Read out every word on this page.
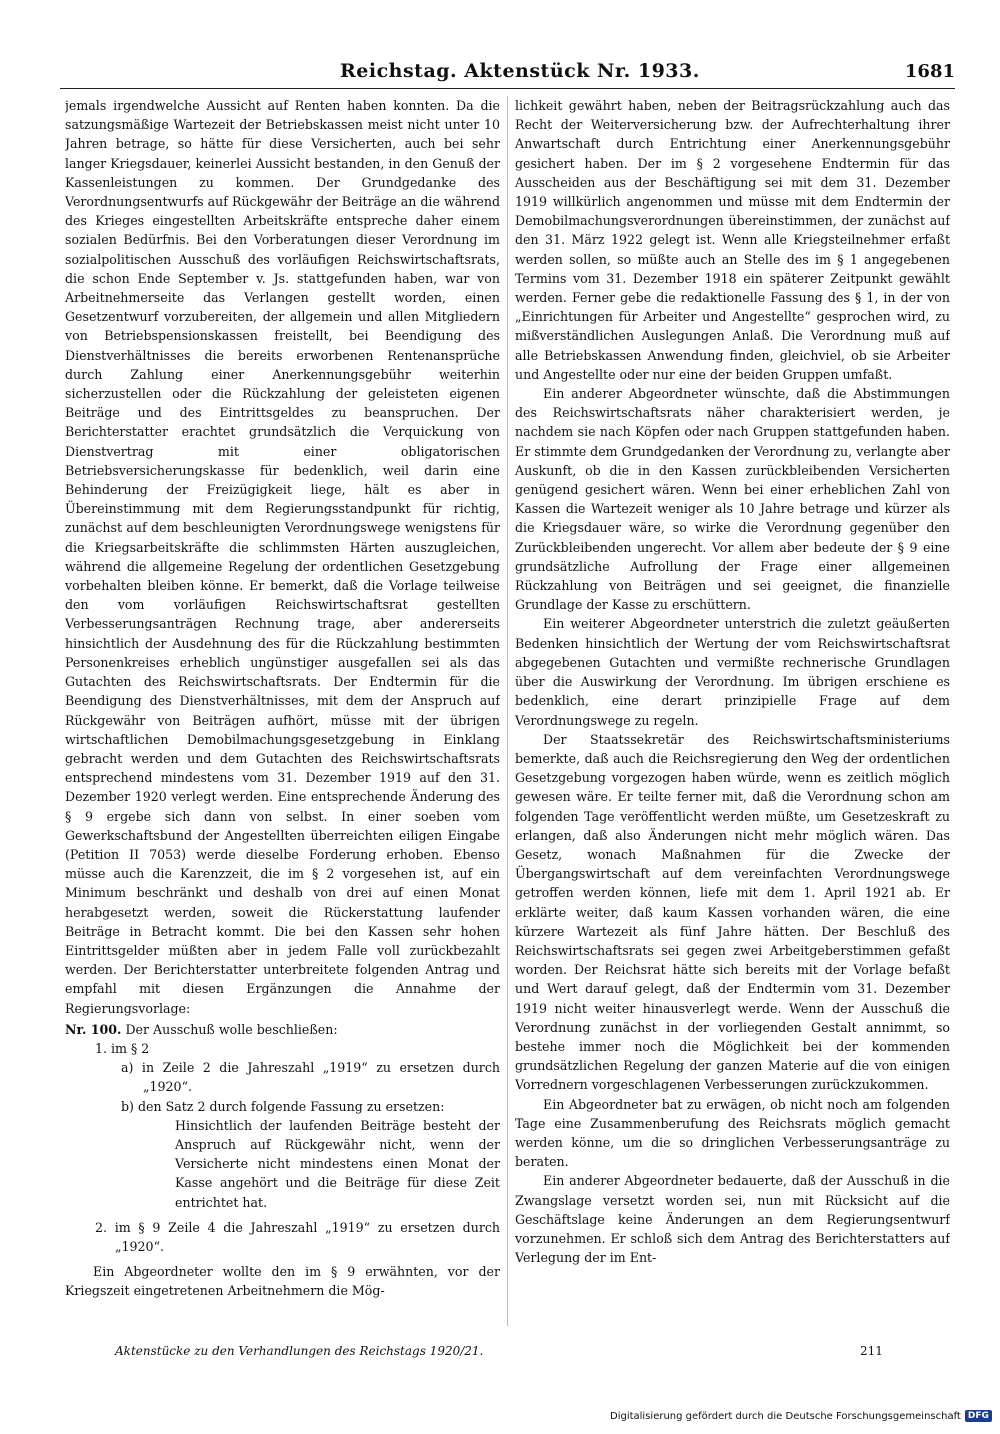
Reichstag. Aktenstück Nr. 1933.	1681

jemals irgendwelche Aussicht auf Renten haben konnten. Da die satzungsmäßige Wartezeit der Betriebskassen meist nicht unter 10 Jahren betrage, so hätte für diese Versicherten, auch bei sehr langer Kriegsdauer, keinerlei Aussicht bestanden, in den Genuß der Kassenleistungen zu kommen. Der Grundgedanke des Verordnungsentwurfs auf Rückgewähr der Beiträge an die während des Krieges eingestellten Arbeitskräfte entspreche daher einem sozialen Bedürfnis. Bei den Vorberatungen dieser Verordnung im sozialpolitischen Ausschuß des vorläufigen Reichswirtschaftsrats, die schon Ende September v. Js. stattgefunden haben, war von Arbeitnehmerseite das Verlangen gestellt worden, einen Gesetzentwurf vorzubereiten, der allgemein und allen Mitgliedern von Betriebspensionskassen freistellt, bei Beendigung des Dienstverhältnisses die bereits erworbenen Rentenansprüche durch Zahlung einer Anerkennungsgebühr weiterhin sicherzustellen oder die Rückzahlung der geleisteten eigenen Beiträge und des Eintrittsgeldes zu beanspruchen. Der Berichterstatter erachtet grundsätzlich die Verquickung von Dienstvertrag mit einer obligatorischen Betriebsversicherungskasse für bedenklich, weil darin eine Behinderung der Freizügigkeit liege, hält es aber in Übereinstimmung mit dem Regierungsstandpunkt für richtig, zunächst auf dem beschleunigten Verordnungswege wenigstens für die Kriegsarbeitskräfte die schlimmsten Härten auszugleichen, während die allgemeine Regelung der ordentlichen Gesetzgebung vorbehalten bleiben könne. Er bemerkt, daß die Vorlage teilweise den vom vorläufigen Reichswirtschaftsrat gestellten Verbesserungsanträgen Rechnung trage, aber andererseits hinsichtlich der Ausdehnung des für die Rückzahlung bestimmten Personenkreises erheblich ungünstiger ausgefallen sei als das Gutachten des Reichswirtschaftsrats. Der Endtermin für die Beendigung des Dienstverhältnisses, mit dem der Anspruch auf Rückgewähr von Beiträgen aufhört, müsse mit der übrigen wirtschaftlichen Demobilmachungsgesetzgebung in Einklang gebracht werden und dem Gutachten des Reichswirtschaftsrats entsprechend mindestens vom 31. Dezember 1919 auf den 31. Dezember 1920 verlegt werden. Eine entsprechende Änderung des § 9 ergebe sich dann von selbst. In einer soeben vom Gewerkschaftsbund der Angestellten überreichten eiligen Eingabe (Petition II 7053) werde dieselbe Forderung erhoben. Ebenso müsse auch die Karenzzeit, die im § 2 vorgesehen ist, auf ein Minimum beschränkt und deshalb von drei auf einen Monat herabgesetzt werden, soweit die Rückerstattung laufender Beiträge in Betracht kommt. Die bei den Kassen sehr hohen Eintrittsgelder müßten aber in jedem Falle voll zurückbezahlt werden. Der Berichterstatter unterbreitete folgenden Antrag und empfahl mit diesen Ergänzungen die Annahme der Regierungsvorlage:

Nr. 100. Der Ausschuß wolle beschließen:

1. im § 2

a) in Zeile 2 die Jahreszahl „1919“ zu ersetzen durch „1920“.

b) den Satz 2 durch folgende Fassung zu ersetzen:

Hinsichtlich der laufenden Beiträge besteht der Anspruch auf Rückgewähr nicht, wenn der Versicherte nicht mindestens einen Monat der Kasse angehört und die Beiträge für diese Zeit entrichtet hat.

2. im § 9 Zeile 4 die Jahreszahl „1919“ zu ersetzen durch „1920“.

Ein Abgeordneter wollte den im § 9 erwähnten, vor der Kriegszeit eingetretenen Arbeitnehmern die Mög-

lichkeit gewährt haben, neben der Beitragsrückzahlung auch das Recht der Weiterversicherung bzw. der Aufrechterhaltung ihrer Anwartschaft durch Entrichtung einer Anerkennungsgebühr gesichert haben. Der im § 2 vorgesehene Endtermin für das Ausscheiden aus der Beschäftigung sei mit dem 31. Dezember 1919 willkürlich angenommen und müsse mit dem Endtermin der Demobilmachungsverordnungen übereinstimmen, der zunächst auf den 31. März 1922 gelegt ist. Wenn alle Kriegsteilnehmer erfaßt werden sollen, so müßte auch an Stelle des im § 1 angegebenen Termins vom 31. Dezember 1918 ein späterer Zeitpunkt gewählt werden. Ferner gebe die redaktionelle Fassung des § 1, in der von „Einrichtungen für Arbeiter und Angestellte“ gesprochen wird, zu mißverständlichen Auslegungen Anlaß. Die Verordnung muß auf alle Betriebskassen Anwendung finden, gleichviel, ob sie Arbeiter und Angestellte oder nur eine der beiden Gruppen umfaßt.

Ein anderer Abgeordneter wünschte, daß die Abstimmungen des Reichswirtschaftsrats näher charakterisiert werden, je nachdem sie nach Köpfen oder nach Gruppen stattgefunden haben. Er stimmte dem Grundgedanken der Verordnung zu, verlangte aber Auskunft, ob die in den Kassen zurückbleibenden Versicherten genügend gesichert wären. Wenn bei einer erheblichen Zahl von Kassen die Wartezeit weniger als 10 Jahre betrage und kürzer als die Kriegsdauer wäre, so wirke die Verordnung gegenüber den Zurückbleibenden ungerecht. Vor allem aber bedeute der § 9 eine grundsätzliche Aufrollung der Frage einer allgemeinen Rückzahlung von Beiträgen und sei geeignet, die finanzielle Grundlage der Kasse zu erschüttern.

Ein weiterer Abgeordneter unterstrich die zuletzt geäußerten Bedenken hinsichtlich der Wertung der vom Reichswirtschaftsrat abgegebenen Gutachten und vermißte rechnerische Grundlagen über die Auswirkung der Verordnung. Im übrigen erschiene es bedenklich, eine derart prinzipielle Frage auf dem Verordnungswege zu regeln.

Der Staatssekretär des Reichswirtschaftsministeriums bemerkte, daß auch die Reichsregierung den Weg der ordentlichen Gesetzgebung vorgezogen haben würde, wenn es zeitlich möglich gewesen wäre. Er teilte ferner mit, daß die Verordnung schon am folgenden Tage veröffentlicht werden müßte, um Gesetzeskraft zu erlangen, daß also Änderungen nicht mehr möglich wären. Das Gesetz, wonach Maßnahmen für die Zwecke der Übergangswirtschaft auf dem vereinfachten Verordnungswege getroffen werden können, liefe mit dem 1. April 1921 ab. Er erklärte weiter, daß kaum Kassen vorhanden wären, die eine kürzere Wartezeit als fünf Jahre hätten. Der Beschluß des Reichswirtschaftsrats sei gegen zwei Arbeitgeberstimmen gefaßt worden. Der Reichsrat hätte sich bereits mit der Vorlage befaßt und Wert darauf gelegt, daß der Endtermin vom 31. Dezember 1919 nicht weiter hinausverlegt werde. Wenn der Ausschuß die Verordnung zunächst in der vorliegenden Gestalt annimmt, so bestehe immer noch die Möglichkeit bei der kommenden grundsätzlichen Regelung der ganzen Materie auf die von einigen Vorrednern vorgeschlagenen Verbesserungen zurückzukommen.

Ein Abgeordneter bat zu erwägen, ob nicht noch am folgenden Tage eine Zusammenberufung des Reichsrats möglich gemacht werden könne, um die so dringlichen Verbesserungsanträge zu beraten.

Ein anderer Abgeordneter bedauerte, daß der Ausschuß in die Zwangslage versetzt worden sei, nun mit Rücksicht auf die Geschäftslage keine Änderungen an dem Regierungsentwurf vorzunehmen. Er schloß sich dem Antrag des Berichterstatters auf Verlegung der im Ent-

Aktenstücke zu den Verhandlungen des Reichstags 1920/21.	211
Digitalisierung gefördert durch die Deutsche Forschungsgemeinschaft DFG
